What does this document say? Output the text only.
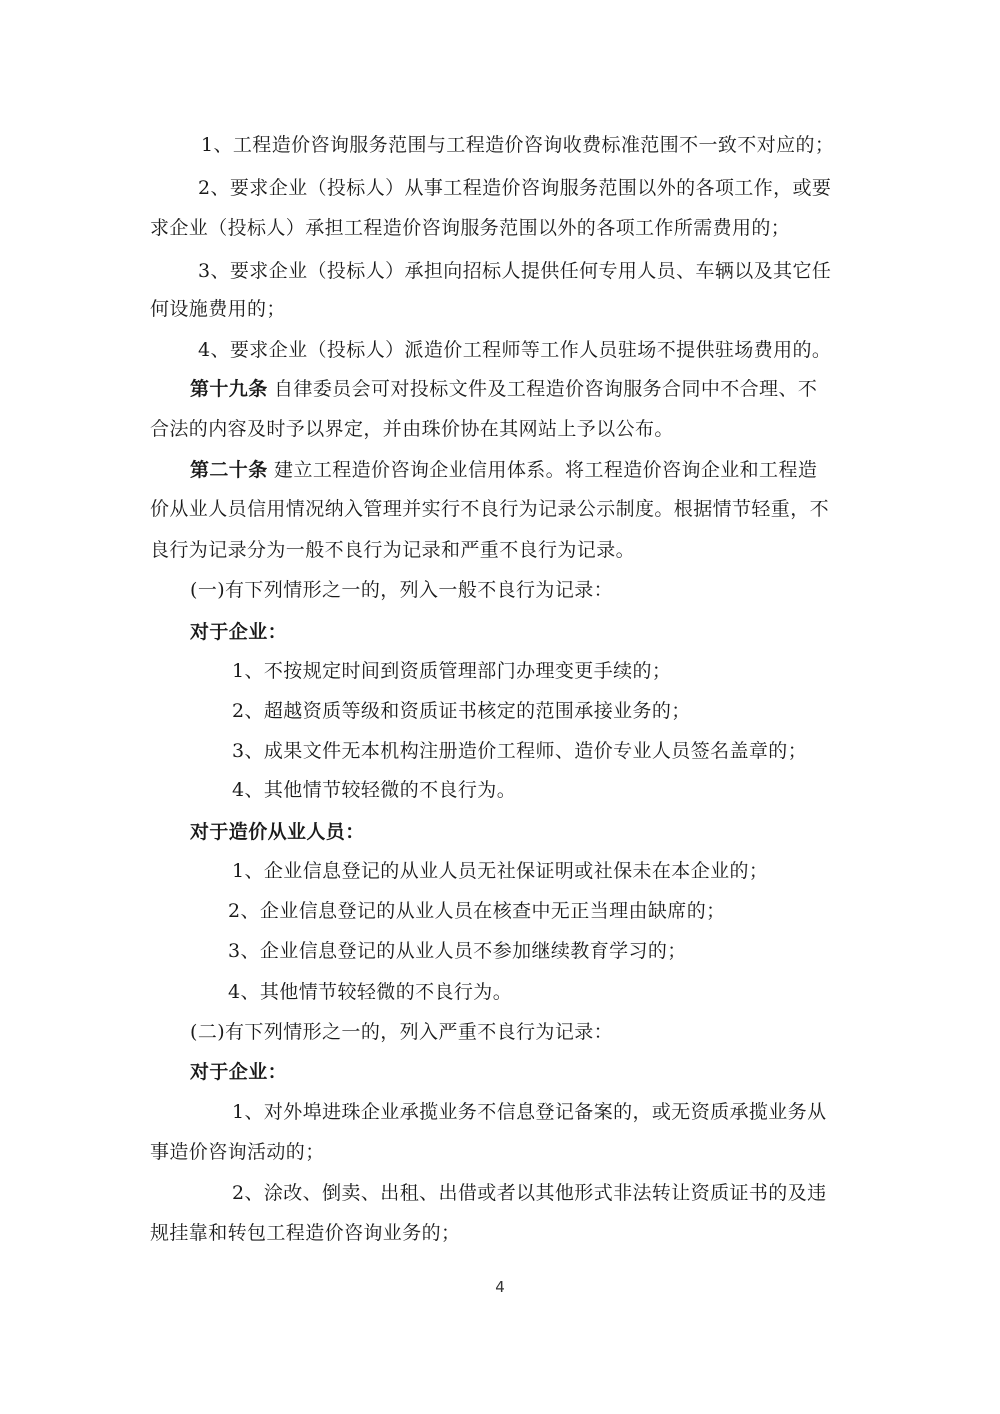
1、工程造价咨询服务范围与工程造价咨询收费标准范围不一致不对应的；
2、要求企业（投标人）从事工程造价咨询服务范围以外的各项工作，或要
求企业（投标人）承担工程造价咨询服务范围以外的各项工作所需费用的；
3、要求企业（投标人）承担向招标人提供任何专用人员、车辆以及其它任
何设施费用的；
4、要求企业（投标人）派造价工程师等工作人员驻场不提供驻场费用的。
第十九条 自律委员会可对投标文件及工程造价咨询服务合同中不合理、不
合法的内容及时予以界定，并由珠价协在其网站上予以公布。
第二十条 建立工程造价咨询企业信用体系。将工程造价咨询企业和工程造
价从业人员信用情况纳入管理并实行不良行为记录公示制度。根据情节轻重，不
良行为记录分为一般不良行为记录和严重不良行为记录。
(一)有下列情形之一的，列入一般不良行为记录：
对于企业：
1、不按规定时间到资质管理部门办理变更手续的；
2、超越资质等级和资质证书核定的范围承接业务的；
3、成果文件无本机构注册造价工程师、造价专业人员签名盖章的；
4、其他情节较轻微的不良行为。
对于造价从业人员：
1、企业信息登记的从业人员无社保证明或社保未在本企业的；
2、企业信息登记的从业人员在核查中无正当理由缺席的；
3、企业信息登记的从业人员不参加继续教育学习的；
4、其他情节较轻微的不良行为。
(二)有下列情形之一的，列入严重不良行为记录：
对于企业：
1、对外埠进珠企业承揽业务不信息登记备案的，或无资质承揽业务从
事造价咨询活动的；
2、涂改、倒卖、出租、出借或者以其他形式非法转让资质证书的及违
规挂靠和转包工程造价咨询业务的；
4
